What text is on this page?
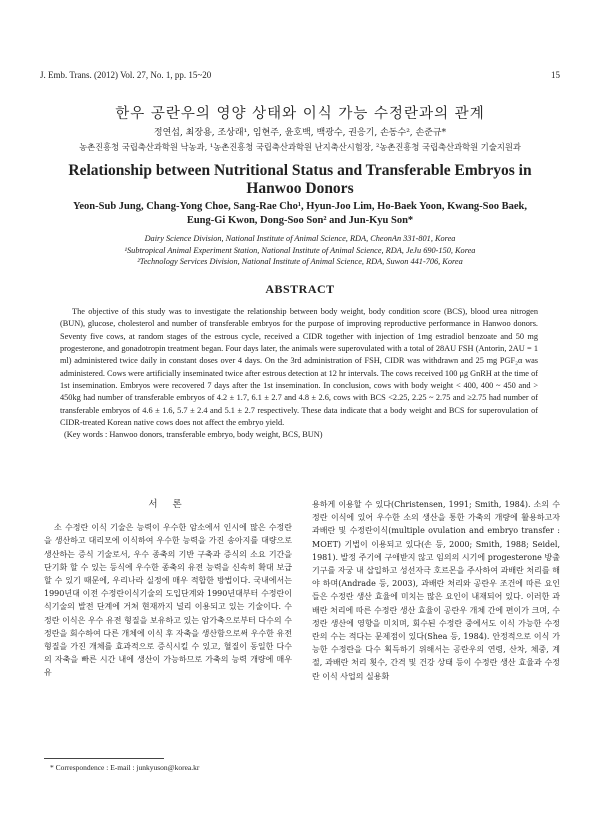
J. Emb. Trans. (2012) Vol. 27, No. 1, pp. 15~20	15
한우 공란우의 영양 상태와 이식 가능 수정란과의 관계
정연섭, 최장용, 조상래¹, 임현주, 윤호백, 백광수, 권응기, 손동수², 손준규*
농촌진흥청 국립축산과학원 낙농과, ¹농촌진흥청 국립축산과학원 난지축산시험장, ²농촌진흥청 국립축산과학원 기술지원과
Relationship between Nutritional Status and Transferable Embryos in Hanwoo Donors
Yeon-Sub Jung, Chang-Yong Choe, Sang-Rae Cho¹, Hyun-Joo Lim, Ho-Baek Yoon, Kwang-Soo Baek,
Eung-Gi Kwon, Dong-Soo Son² and Jun-Kyu Son*
Dairy Science Division, National Institute of Animal Science, RDA, CheonAn 331-801, Korea
¹Subtropical Animal Experiment Station, National Institute of Animal Science, RDA, JeJu 690-150, Korea
²Technology Services Division, National Institute of Animal Science, RDA, Suwon 441-706, Korea
ABSTRACT
The objective of this study was to investigate the relationship between body weight, body condition score (BCS), blood urea nitrogen (BUN), glucose, cholesterol and number of transferable embryos for the purpose of improving reproductive performance in Hanwoo donors. Seventy five cows, at random stages of the estrous cycle, received a CIDR together with injection of 1mg estradiol benzoate and 50 mg progesterone, and gonadotropin treatment began. Four days later, the animals were superovulated with a total of 28AU FSH (Antorin, 2AU = 1 ml) administered twice daily in constant doses over 4 days. On the 3rd administration of FSH, CIDR was withdrawn and 25 mg PGF₂α was administered. Cows were artificially inseminated twice after estrous detection at 12 hr intervals. The cows received 100 μg GnRH at the time of 1st insemination. Embryos were recovered 7 days after the 1st insemination. In conclusion, cows with body weight < 400, 400 ~ 450 and > 450kg had number of transferable embryos of 4.2 ± 1.7, 6.1 ± 2.7 and 4.8 ± 2.6, cows with BCS <2.25, 2.25 ~ 2.75 and ≥2.75 had number of transferable embryos of 4.6 ± 1.6, 5.7 ± 2.4 and 5.1 ± 2.7 respectively. These data indicate that a body weight and BCS for superovulation of CIDR-treated Korean native cows does not affect the embryo yield.
(Key words : Hanwoo donors, transferable embryo, body weight, BCS, BUN)
서 론

소 수정란 이식 기술은 능력이 우수한 암소에서 인시에 많은 수정란을 생산하고 대리모에 이식하여 우수한 능력을 가진 송아지를 대량으로 생산하는 증식 기술로서, 우수 종축의 기반 구축과 증식의 소요 기간을 단기화 할 수 있는 등식에 우수한 종축의 유전 능력을 신속히 확대 보급할 수 있기 때문에, 우리나라 실정에 매우 적합한 방법이다. 국내에서는 1990년대 이전 수정란이식기술의 도입단계와 1990년대부터 수정란이식기술의 발전 단계에 거쳐 현재까지 널리 이용되고 있는 기술이다. 수정란 이식은 우수 유전 형질을 보유하고 있는 암가축으로부터 다수의 수정란을 회수하여 다른 개체에 이식 후 자축을 생산함으로써 우수한 유전 형질을 가진 개체를 효과적으로 증식시킬 수 있고, 혈질이 동일한 다수의 자축을 빠른 시간 내에 생산이 가능하므로 가축의 능력 개량에 매우 유

용하게 이용할 수 있다(Christensen, 1991; Smith, 1984). 소의 수정란 이식에 있어 우수한 소의 생산을 통한 가축의 개량에 활용하고자 과배란 및 수정란이식(multiple ovulation and embryo transfer : MOET) 기법이 이용되고 있다(손 등, 2000; Smith, 1988; Seidel, 1981). 발정 주기에 구애받지 않고 임의의 시기에 progesterone 방출 기구를 자궁 내 삽입하고 성선자극 호르몬을 주사하여 과배란 처리를 해야 하며(Andrade 등, 2003), 과배란 처리와 공란우 조건에 따른 요인들은 수정란 생산 효율에 미치는 많은 요인이 내재되어 있다. 이러한 과배란 처리에 따른 수정란 생산 효율이 공란우 개체 간에 편이가 크며, 수정란 생산에 영향을 미치며, 회수된 수정란 중에서도 이식 가능한 수정란의 수는 적다는 문제점이 있다(Shea 등, 1984). 안정적으로 이식 가능한 수정란을 다수 획득하기 위해서는 공란우의 연령, 산차, 체중, 계절, 과배란 처리 횟수, 간격 및 건강 상태 등이 수정란 생산 효율과 수정란 이식 사업의 실용화

* Correspondence : E-mail : junkyuson@korea.kr
